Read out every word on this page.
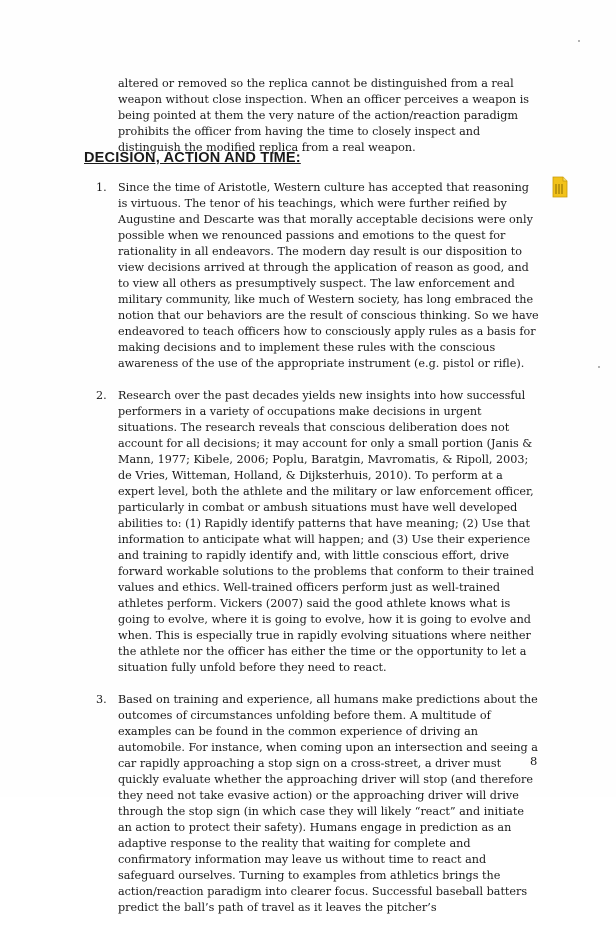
altered or removed so the replica cannot be distinguished from a real weapon without close inspection. When an officer perceives a weapon is being pointed at them the very nature of the action/reaction paradigm prohibits the officer from having the time to closely inspect and distinguish the modified replica from a real weapon.
DECISION, ACTION AND TIME:
1. Since the time of Aristotle, Western culture has accepted that reasoning is virtuous. The tenor of his teachings, which were further reified by Augustine and Descarte was that morally acceptable decisions were only possible when we renounced passions and emotions to the quest for rationality in all endeavors. The modern day result is our disposition to view decisions arrived at through the application of reason as good, and to view all others as presumptively suspect. The law enforcement and military community, like much of Western society, has long embraced the notion that our behaviors are the result of conscious thinking. So we have endeavored to teach officers how to consciously apply rules as a basis for making decisions and to implement these rules with the conscious awareness of the use of the appropriate instrument (e.g. pistol or rifle).
2. Research over the past decades yields new insights into how successful performers in a variety of occupations make decisions in urgent situations. The research reveals that conscious deliberation does not account for all decisions; it may account for only a small portion (Janis & Mann, 1977; Kibele, 2006; Poplu, Baratgin, Mavromatis, & Ripoll, 2003; de Vries, Witteman, Holland, & Dijksterhuis, 2010). To perform at a expert level, both the athlete and the military or law enforcement officer, particularly in combat or ambush situations must have well developed abilities to: (1) Rapidly identify patterns that have meaning; (2) Use that information to anticipate what will happen; and (3) Use their experience and training to rapidly identify and, with little conscious effort, drive forward workable solutions to the problems that conform to their trained values and ethics. Well-trained officers perform just as well-trained athletes perform. Vickers (2007) said the good athlete knows what is going to evolve, where it is going to evolve, how it is going to evolve and when. This is especially true in rapidly evolving situations where neither the athlete nor the officer has either the time or the opportunity to let a situation fully unfold before they need to react.
3. Based on training and experience, all humans make predictions about the outcomes of circumstances unfolding before them. A multitude of examples can be found in the common experience of driving an automobile. For instance, when coming upon an intersection and seeing a car rapidly approaching a stop sign on a cross-street, a driver must quickly evaluate whether the approaching driver will stop (and therefore they need not take evasive action) or the approaching driver will drive through the stop sign (in which case they will likely “react” and initiate an action to protect their safety). Humans engage in prediction as an adaptive response to the reality that waiting for complete and confirmatory information may leave us without time to react and safeguard ourselves. Turning to examples from athletics brings the action/reaction paradigm into clearer focus. Successful baseball batters predict the ball’s path of travel as it leaves the pitcher’s
8
